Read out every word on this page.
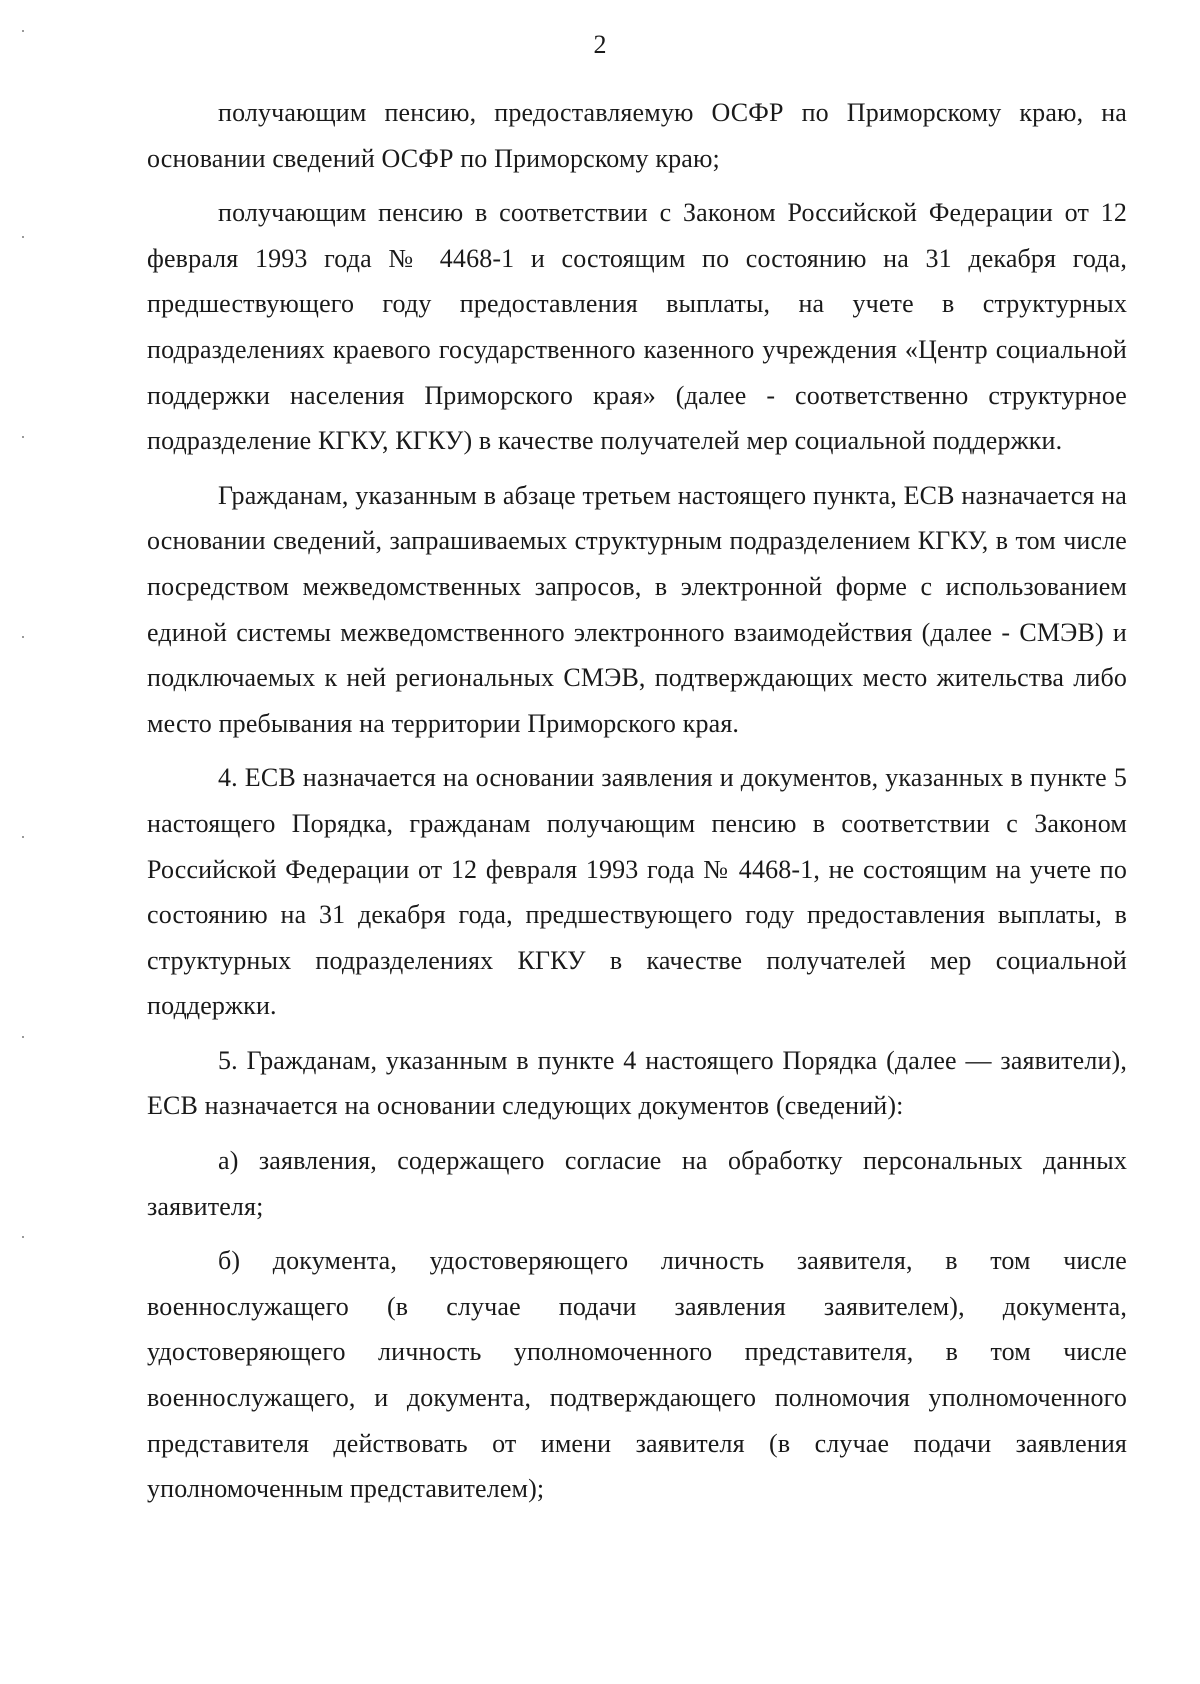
2

получающим пенсию, предоставляемую ОСФР по Приморскому краю, на основании сведений ОСФР по Приморскому краю;

получающим пенсию в соответствии с Законом Российской Федерации от 12 февраля 1993 года № 4468-1 и состоящим по состоянию на 31 декабря года, предшествующего году предоставления выплаты, на учете в структурных подразделениях краевого государственного казенного учреждения «Центр социальной поддержки населения Приморского края» (далее - соответственно структурное подразделение КГКУ, КГКУ) в качестве получателей мер социальной поддержки.

Гражданам, указанным в абзаце третьем настоящего пункта, ЕСВ назначается на основании сведений, запрашиваемых структурным подразделением КГКУ, в том числе посредством межведомственных запросов, в электронной форме с использованием единой системы межведомственного электронного взаимодействия (далее - СМЭВ) и подключаемых к ней региональных СМЭВ, подтверждающих место жительства либо место пребывания на территории Приморского края.

4. ЕСВ назначается на основании заявления и документов, указанных в пункте 5 настоящего Порядка, гражданам получающим пенсию в соответствии с Законом Российской Федерации от 12 февраля 1993 года № 4468-1, не состоящим на учете по состоянию на 31 декабря года, предшествующего году предоставления выплаты, в структурных подразделениях КГКУ в качестве получателей мер социальной поддержки.

5. Гражданам, указанным в пункте 4 настоящего Порядка (далее — заявители), ЕСВ назначается на основании следующих документов (сведений):

а) заявления, содержащего согласие на обработку персональных данных заявителя;

б) документа, удостоверяющего личность заявителя, в том числе военнослужащего (в случае подачи заявления заявителем), документа, удостоверяющего личность уполномоченного представителя, в том числе военнослужащего, и документа, подтверждающего полномочия уполномоченного представителя действовать от имени заявителя (в случае подачи заявления уполномоченным представителем);
